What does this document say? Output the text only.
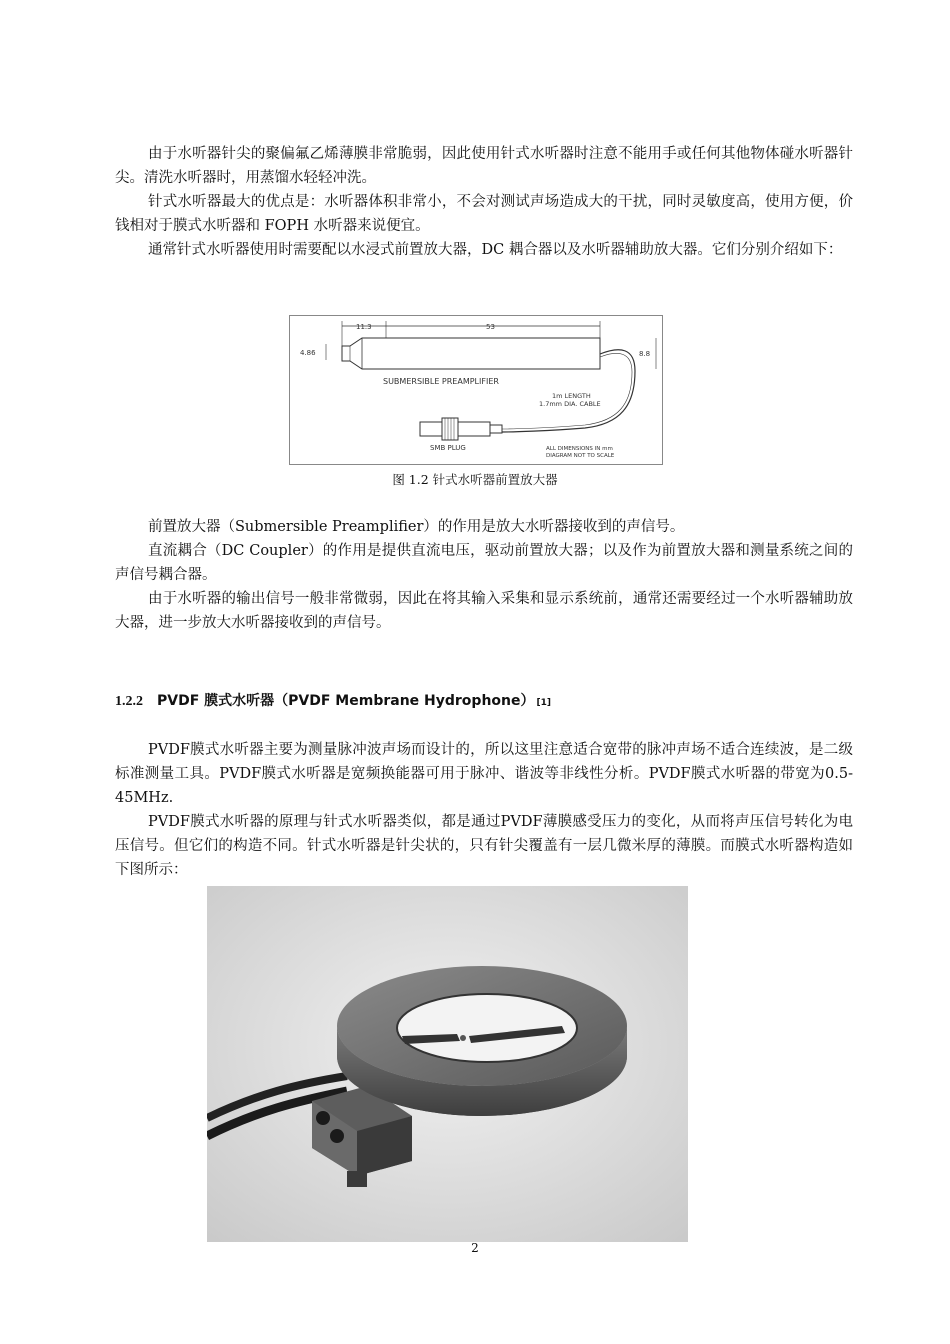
由于水听器针尖的聚偏氟乙烯薄膜非常脆弱，因此使用针式水听器时注意不能用手或任何其他物体碰水听器针尖。清洗水听器时，用蒸馏水轻轻冲洗。

针式水听器最大的优点是：水听器体积非常小，不会对测试声场造成大的干扰，同时灵敏度高，使用方便，价钱相对于膜式水听器和 FOPH 水听器来说便宜。

通常针式水听器使用时需要配以水浸式前置放大器，DC 耦合器以及水听器辅助放大器。它们分别介绍如下：

11.3	53
4.86	8.8
SUBMERSIBLE PREAMPLIFIER
1m LENGTH
1.7mm DIA. CABLE
SMB PLUG	ALL DIMENSIONS IN mm
DIAGRAM NOT TO SCALE
图 1.2 针式水听器前置放大器

前置放大器（Submersible Preamplifier）的作用是放大水听器接收到的声信号。

直流耦合（DC Coupler）的作用是提供直流电压，驱动前置放大器；以及作为前置放大器和测量系统之间的声信号耦合器。

由于水听器的输出信号一般非常微弱，因此在将其输入采集和显示系统前，通常还需要经过一个水听器辅助放大器，进一步放大水听器接收到的声信号。

1.2.2 PVDF 膜式水听器（PVDF Membrane Hydrophone） [1]

PVDF膜式水听器主要为测量脉冲波声场而设计的，所以这里注意适合宽带的脉冲声场不适合连续波，是二级标准测量工具。PVDF膜式水听器是宽频换能器可用于脉冲、谐波等非线性分析。PVDF膜式水听器的带宽为0.5-45MHz.

PVDF膜式水听器的原理与针式水听器类似，都是通过PVDF薄膜感受压力的变化，从而将声压信号转化为电压信号。但它们的构造不同。针式水听器是针尖状的，只有针尖覆盖有一层几微米厚的薄膜。而膜式水听器构造如下图所示：

2
